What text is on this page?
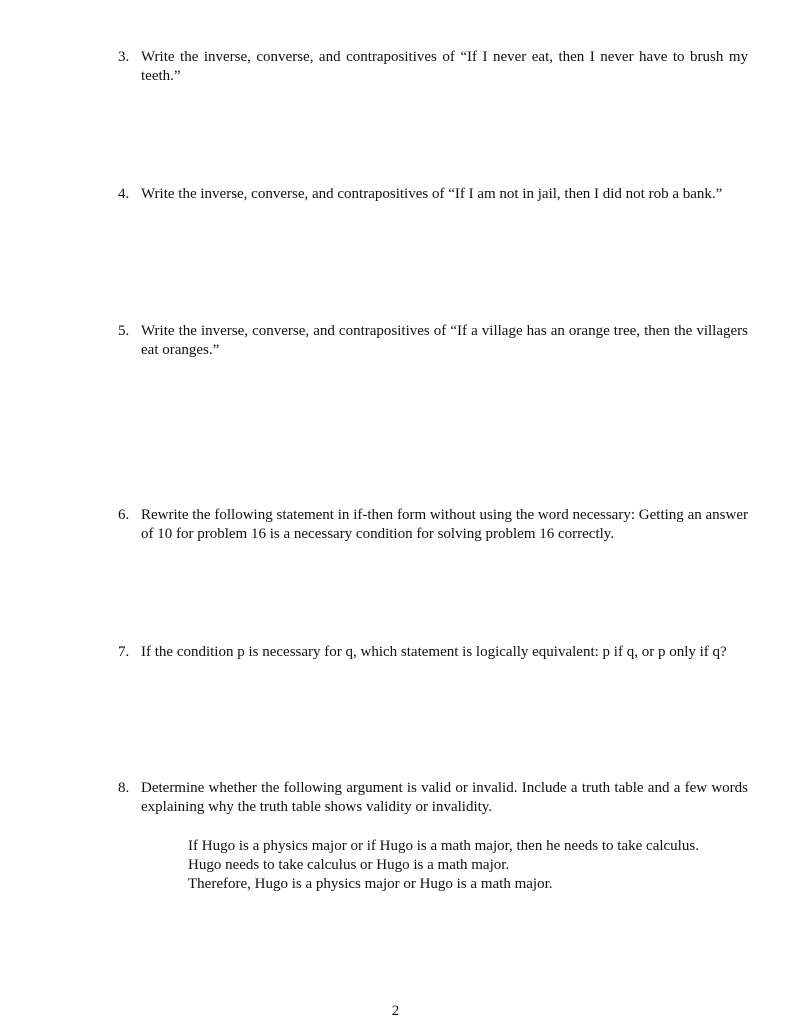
3. Write the inverse, converse, and contrapositives of “If I never eat, then I never have to brush my teeth.”
4. Write the inverse, converse, and contrapositives of “If I am not in jail, then I did not rob a bank.”
5. Write the inverse, converse, and contrapositives of “If a village has an orange tree, then the villagers eat oranges.”
6. Rewrite the following statement in if-then form without using the word necessary: Getting an answer of 10 for problem 16 is a necessary condition for solving problem 16 correctly.
7. If the condition p is necessary for q, which statement is logically equivalent: p if q, or p only if q?
8. Determine whether the following argument is valid or invalid. Include a truth table and a few words explaining why the truth table shows validity or invalidity.
If Hugo is a physics major or if Hugo is a math major, then he needs to take calculus.
Hugo needs to take calculus or Hugo is a math major.
Therefore, Hugo is a physics major or Hugo is a math major.
2
